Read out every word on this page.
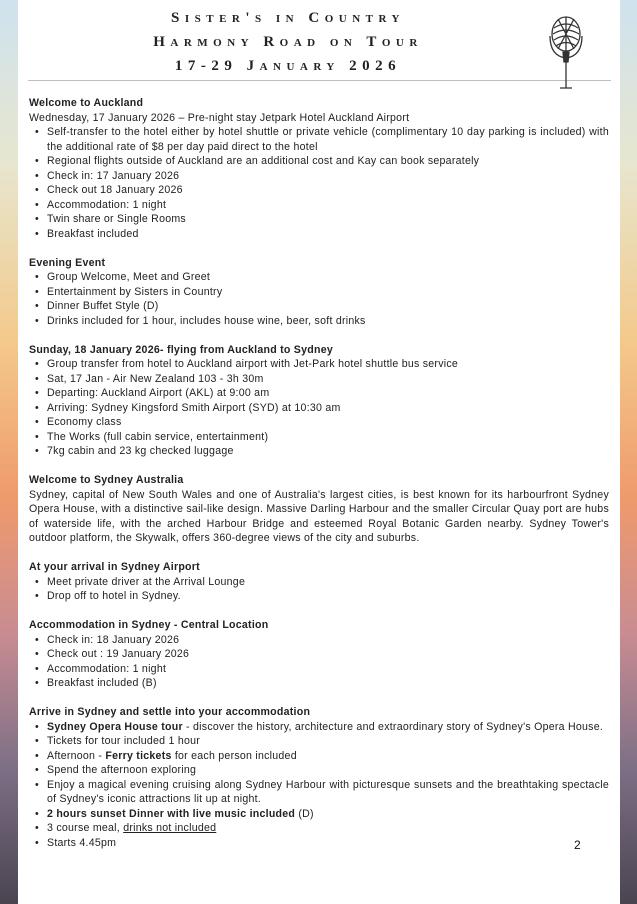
Sister's in Country
Harmony Road on Tour
17-29 January 2026

Welcome to Auckland

Wednesday, 17 January 2026 – Pre-night stay Jetpark Hotel Auckland Airport

• Self-transfer to the hotel either by hotel shuttle or private vehicle (complimentary 10 day parking is included) with the additional rate of $8 per day paid direct to the hotel
• Regional flights outside of Auckland are an additional cost and Kay can book separately
• Check in: 17 January 2026
• Check out 18 January 2026
• Accommodation: 1 night
• Twin share or Single Rooms
• Breakfast included

Evening Event

• Group Welcome, Meet and Greet
• Entertainment by Sisters in Country
• Dinner Buffet Style (D)
• Drinks included for 1 hour, includes house wine, beer, soft drinks

Sunday, 18 January 2026- flying from Auckland to Sydney

• Group transfer from hotel to Auckland airport with Jet-Park hotel shuttle bus service
• Sat, 17 Jan - Air New Zealand 103 - 3h 30m
• Departing: Auckland Airport (AKL) at 9:00 am
• Arriving: Sydney Kingsford Smith Airport (SYD) at 10:30 am
• Economy class
• The Works (full cabin service, entertainment)
• 7kg cabin and 23 kg checked luggage

Welcome to Sydney Australia

Sydney, capital of New South Wales and one of Australia's largest cities, is best known for its harbourfront Sydney Opera House, with a distinctive sail-like design. Massive Darling Harbour and the smaller Circular Quay port are hubs of waterside life, with the arched Harbour Bridge and esteemed Royal Botanic Garden nearby. Sydney Tower's outdoor platform, the Skywalk, offers 360-degree views of the city and suburbs.

At your arrival in Sydney Airport

• Meet private driver at the Arrival Lounge
• Drop off to hotel in Sydney.

Accommodation in Sydney - Central Location

• Check in: 18 January 2026
• Check out : 19 January 2026
• Accommodation: 1 night
• Breakfast included (B)

Arrive in Sydney and settle into your accommodation

• Sydney Opera House tour - discover the history, architecture and extraordinary story of Sydney's Opera House.
• Tickets for tour included 1 hour
• Afternoon - Ferry tickets for each person included
• Spend the afternoon exploring
• Enjoy a magical evening cruising along Sydney Harbour with picturesque sunsets and the breathtaking spectacle of Sydney's iconic attractions lit up at night.
• 2 hours sunset Dinner with live music included (D)
• 3 course meal, drinks not included
• Starts 4.45pm	2
